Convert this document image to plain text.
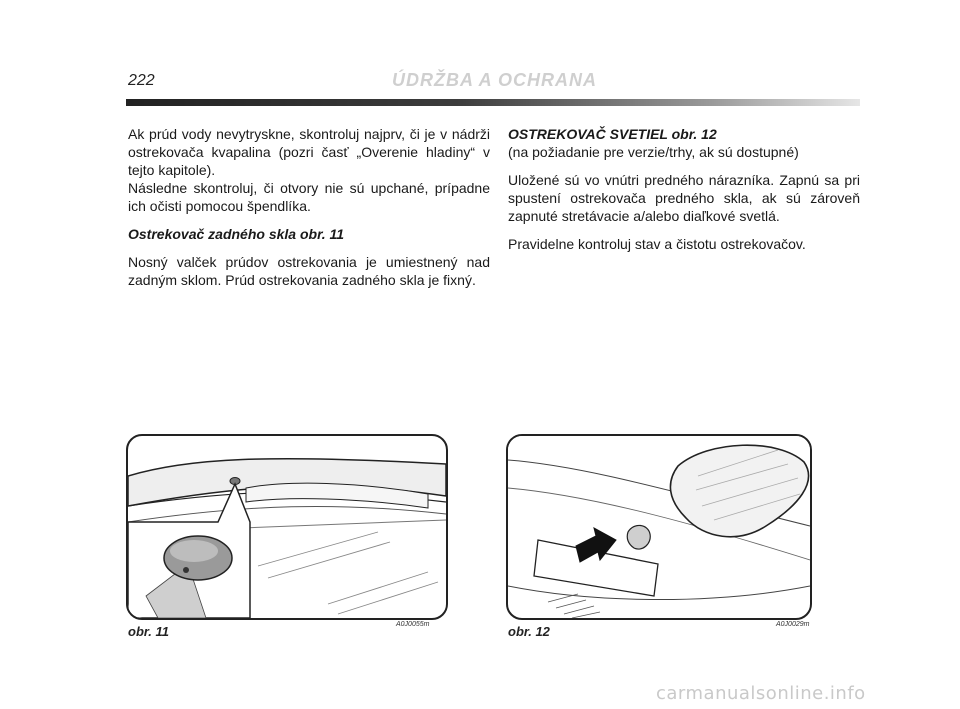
222	ÚDRŽBA A OCHRANA

Ak prúd vody nevytryskne, skontroluj najprv, či je v nádrži ostrekovača kvapalina (pozri časť „Overenie hladiny“ v tejto kapitole).

Následne skontroluj, či otvory nie sú upchané, prípadne ich očisti pomocou špendlíka.

Ostrekovač zadného skla obr. 11

Nosný valček prúdov ostrekovania je umiestnený nad zadným sklom. Prúd ostrekovania zadného skla je fixný.

OSTREKOVAČ SVETIEL obr. 12

(na požiadanie pre verzie/trhy, ak sú dostupné)

Uložené sú vo vnútri predného nárazníka. Zapnú sa pri spustení ostrekovača predného skla, ak sú zároveň zapnuté stretávacie a/alebo diaľkové svetlá.

Pravidelne kontroluj stav a čistotu ostrekovačov.

obr. 11	A0J0055m	obr. 12	A0J0029m
carmanualsonline.info
